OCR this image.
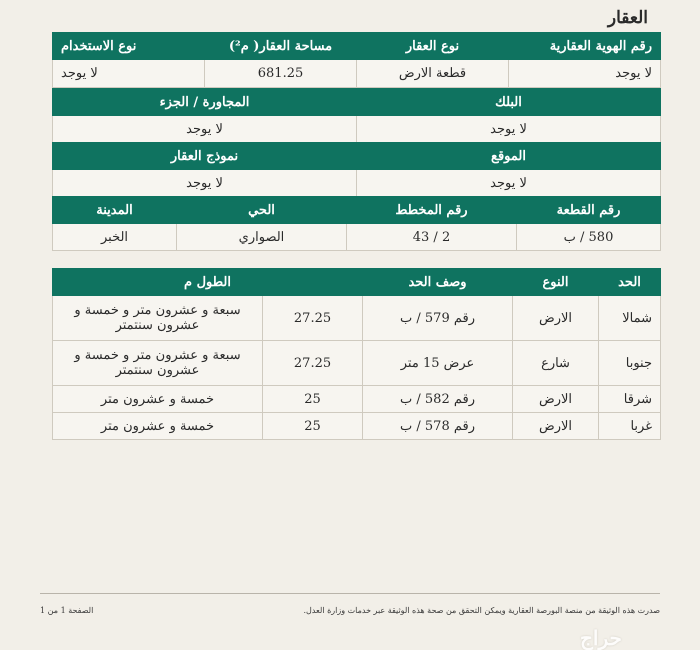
العقار
رقم الهوية العقارية	نوع العقار	مساحة العقار( م²)	نوع الاستخدام
لا يوجد	قطعة الارض	681.25	لا يوجد
البلك	المجاورة / الجزء
لا يوجد	لا يوجد
الموقع	نموذج العقار
لا يوجد	لا يوجد
رقم القطعة	رقم المخطط	الحي	المدينة
580 / ب	2 / 43	الصواري	الخبر
الحد	النوع	وصف الحد	الطول م	
شمالا	الارض	رقم 579 / ب	27.25	سبعة و عشرون متر و خمسة و عشرون سنتمتر
جنوبا	شارع	عرض 15 متر	27.25	سبعة و عشرون متر و خمسة و عشرون سنتمتر
شرقا	الارض	رقم 582 / ب	25	خمسة و عشرون متر
غربا	الارض	رقم 578 / ب	25	خمسة و عشرون متر
صدرت هذه الوثيقة من منصة البورصة العقارية ويمكن التحقق من صحة هذه الوثيقة عبر خدمات وزارة العدل.
الصفحة 1 من 1
حراج
